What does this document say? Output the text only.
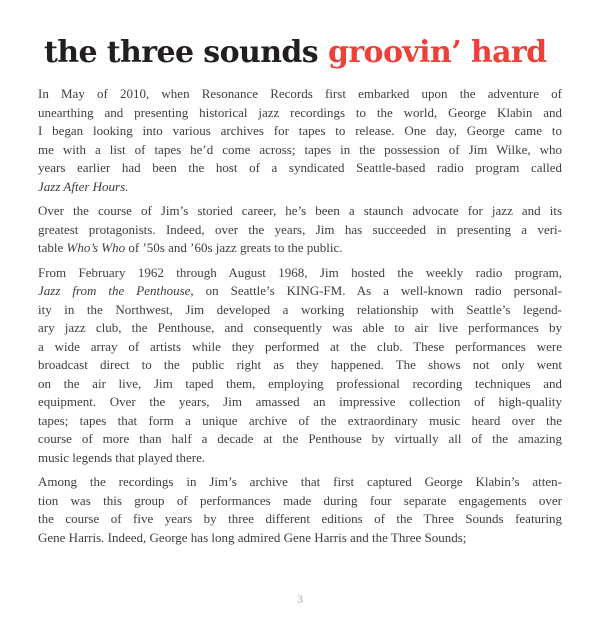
the three sounds groovin’ hard
In May of 2010, when Resonance Records first embarked upon the adventure of
unearthing and presenting historical jazz recordings to the world, George Klabin and
I began looking into various archives for tapes to release. One day, George came to
me with a list of tapes he’d come across; tapes in the possession of Jim Wilke, who
years earlier had been the host of a syndicated Seattle-based radio program called
Jazz After Hours.
Over the course of Jim’s storied career, he’s been a staunch advocate for jazz and its
greatest protagonists. Indeed, over the years, Jim has succeeded in presenting a veri-
table Who’s Who of ’50s and ’60s jazz greats to the public.
From February 1962 through August 1968, Jim hosted the weekly radio program,
Jazz from the Penthouse, on Seattle’s KING-FM. As a well-known radio personal-
ity in the Northwest, Jim developed a working relationship with Seattle’s legend-
ary jazz club, the Penthouse, and consequently was able to air live performances by
a wide array of artists while they performed at the club. These performances were
broadcast direct to the public right as they happened. The shows not only went
on the air live, Jim taped them, employing professional recording techniques and
equipment. Over the years, Jim amassed an impressive collection of high-quality
tapes; tapes that form a unique archive of the extraordinary music heard over the
course of more than half a decade at the Penthouse by virtually all of the amazing
music legends that played there.
Among the recordings in Jim’s archive that first captured George Klabin’s atten-
tion was this group of performances made during four separate engagements over
the course of five years by three different editions of the Three Sounds featuring
Gene Harris. Indeed, George has long admired Gene Harris and the Three Sounds;
3
